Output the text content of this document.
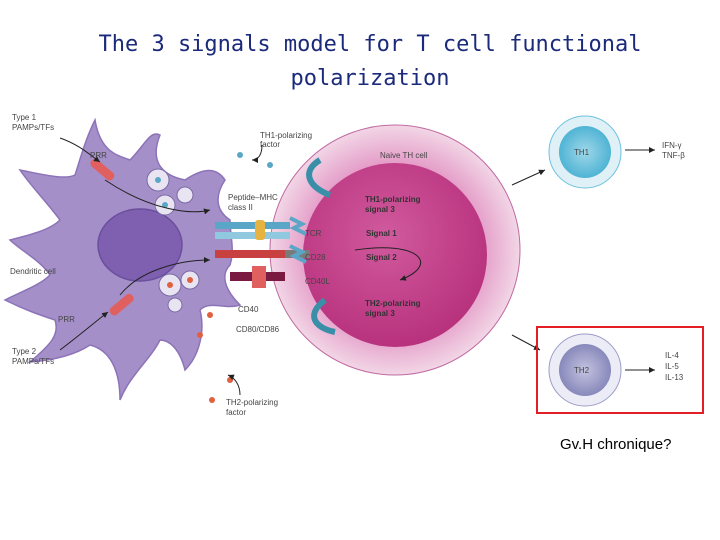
The 3 signals model for T cell functional
polarization
Type 1
PAMPs/TFs
PRR
TH1-polarizing
factor
Naive TH cell
Peptide–MHC
class II
TH1-polarizing
signal 3
TCR	Signal 1
CD28	Signal 2
Dendritic cell
CD40L
TH2-polarizing
signal 3
CD40
PRR
CD80/CD86
Type 2
PAMPs/TFs
TH2-polarizing
factor
TH1
TH2
IFN-γ
TNF-β
IL-4
IL-5
IL-13
Gv.H chronique?
